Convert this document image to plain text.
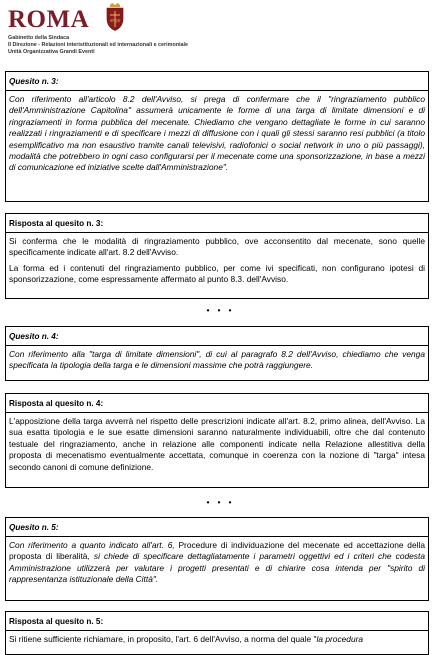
ROMA	SPQR
Gabinetto della Sindaca
II Direzione - Relazioni interistituzionali ed internazionali e cerimoniale
Unità Organizzativa Grandi Eventi
Quesito n. 3:

Con riferimento all'articolo 8.2 dell'Avviso, si prega di confermare che il "ringraziamento pubblico dell'Amministrazione Capitolina" assumerà unicamente le forme di una targa di limitate dimensioni e di ringraziamenti in forma pubblica del mecenate. Chiediamo che vengano dettagliate le forme in cui saranno realizzati i ringraziamenti e di specificare i mezzi di diffusione con i quali gli stessi saranno resi pubblici (a titolo esemplificativo ma non esaustivo tramite canali televisivi, radiofonici o social network in uno o più passaggi), modalità che potrebbero in ogni caso configurarsi per il mecenate come una sponsorizzazione, in base a mezzi di comunicazione ed iniziative scelte dall'Amministrazione".

Risposta al quesito n. 3:

Si conferma che le modalità di ringraziamento pubblico, ove acconsentito dal mecenate, sono quelle specificamente indicate all'art. 8.2 dell'Avviso.

La forma ed i contenuti del ringraziamento pubblico, per come ivi specificati, non configurano ipotesi di sponsorizzazione, come espressamente affermato al punto 8.3. dell'Avviso.

• • •
Quesito n. 4:

Con riferimento alla "targa di limitate dimensioni", di cui al paragrafo 8.2 dell'Avviso, chiediamo che venga specificata la tipologia della targa e le dimensioni massime che potrà raggiungere.

Risposta al quesito n. 4:

L'apposizione della targa avverrà nel rispetto delle prescrizioni indicate all'art. 8.2, primo alinea, dell'Avviso. La sua esatta tipologia e le sue esatte dimensioni saranno naturalmente individuabili, oltre che dal contenuto testuale del ringraziamento, anche in relazione alle componenti indicate nella Relazione allestitiva della proposta di mecenatismo eventualmente accettata, comunque in coerenza con la nozione di "targa" intesa secondo canoni di comune definizione.

• • •
Quesito n. 5:

Con riferimento a quanto indicato all'art. 6, Procedure di individuazione del mecenate ed accettazione della proposta di liberalità, si chiede di specificare dettagliatamente i parametri oggettivi ed i criteri che codesta Amministrazione utilizzerà per valutare i progetti presentati e di chiarire cosa intenda per "spirito di rappresentanza istituzionale della Città".

Risposta al quesito n. 5:

Si ritiene sufficiente richiamare, in proposito, l'art. 6 dell'Avviso, a norma del quale "la procedura
